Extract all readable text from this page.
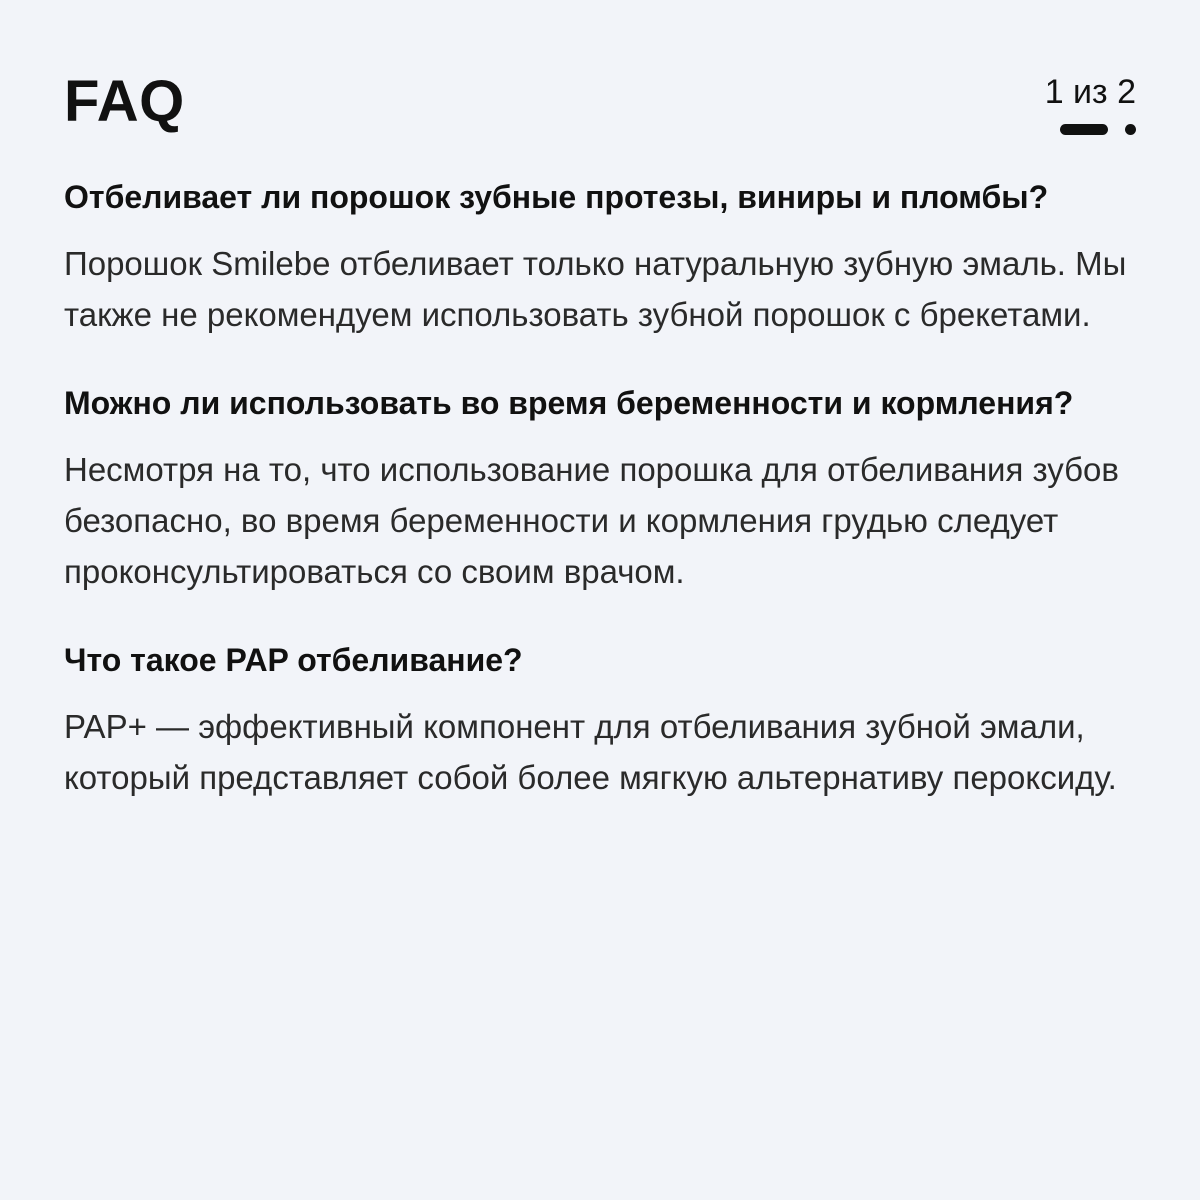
FAQ	1 из 2

Отбеливает ли порошок зубные протезы, виниры и пломбы?

Порошок Smilebe отбеливает только натуральную зубную эмаль. Мы также не рекомендуем использовать зубной порошок с брекетами.

Можно ли использовать во время беременности и кормления?

Несмотря на то, что использование порошка для отбеливания зубов безопасно, во время беременности и кормления грудью следует проконсультироваться со своим врачом.

Что такое PAP отбеливание?

PAP+ — эффективный компонент для отбеливания зубной эмали, который представляет собой более мягкую альтернативу пероксиду.
